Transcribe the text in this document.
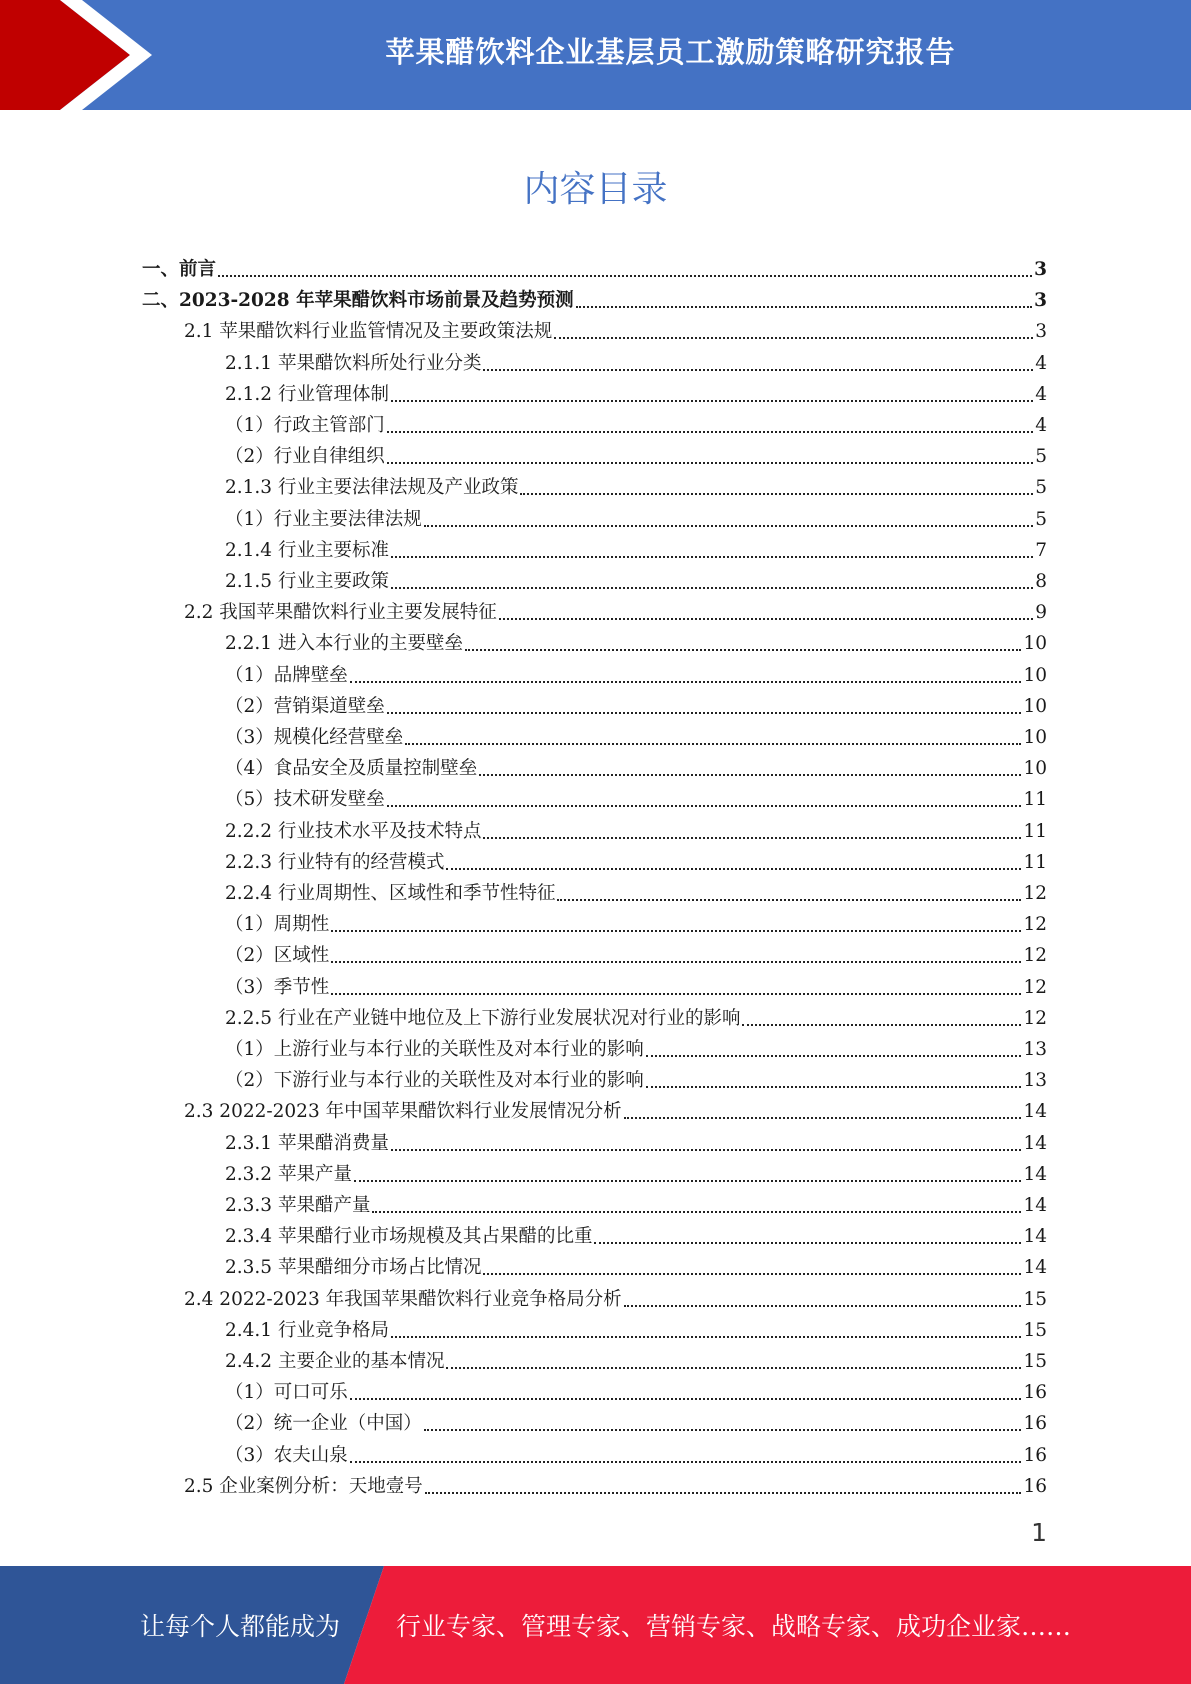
苹果醋饮料企业基层员工激励策略研究报告
内容目录
一、前言	3
二、2023-2028 年苹果醋饮料市场前景及趋势预测	3
2.1 苹果醋饮料行业监管情况及主要政策法规	3
2.1.1 苹果醋饮料所处行业分类	4
2.1.2 行业管理体制	4
（1）行政主管部门	4
（2）行业自律组织	5
2.1.3 行业主要法律法规及产业政策	5
（1）行业主要法律法规	5
2.1.4 行业主要标准	7
2.1.5 行业主要政策	8
2.2 我国苹果醋饮料行业主要发展特征	9
2.2.1 进入本行业的主要壁垒	10
（1）品牌壁垒	10
（2）营销渠道壁垒	10
（3）规模化经营壁垒	10
（4）食品安全及质量控制壁垒	10
（5）技术研发壁垒	11
2.2.2 行业技术水平及技术特点	11
2.2.3 行业特有的经营模式	11
2.2.4 行业周期性、区域性和季节性特征	12
（1）周期性	12
（2）区域性	12
（3）季节性	12
2.2.5 行业在产业链中地位及上下游行业发展状况对行业的影响	12
（1）上游行业与本行业的关联性及对本行业的影响	13
（2）下游行业与本行业的关联性及对本行业的影响	13
2.3 2022-2023 年中国苹果醋饮料行业发展情况分析	14
2.3.1 苹果醋消费量	14
2.3.2 苹果产量	14
2.3.3 苹果醋产量	14
2.3.4 苹果醋行业市场规模及其占果醋的比重	14
2.3.5 苹果醋细分市场占比情况	14
2.4 2022-2023 年我国苹果醋饮料行业竞争格局分析	15
2.4.1 行业竞争格局	15
2.4.2 主要企业的基本情况	15
（1）可口可乐	16
（2）统一企业（中国）	16
（3）农夫山泉	16
2.5 企业案例分析：天地壹号	16
1
让每个人都能成为 行业专家、管理专家、营销专家、战略专家、成功企业家……
